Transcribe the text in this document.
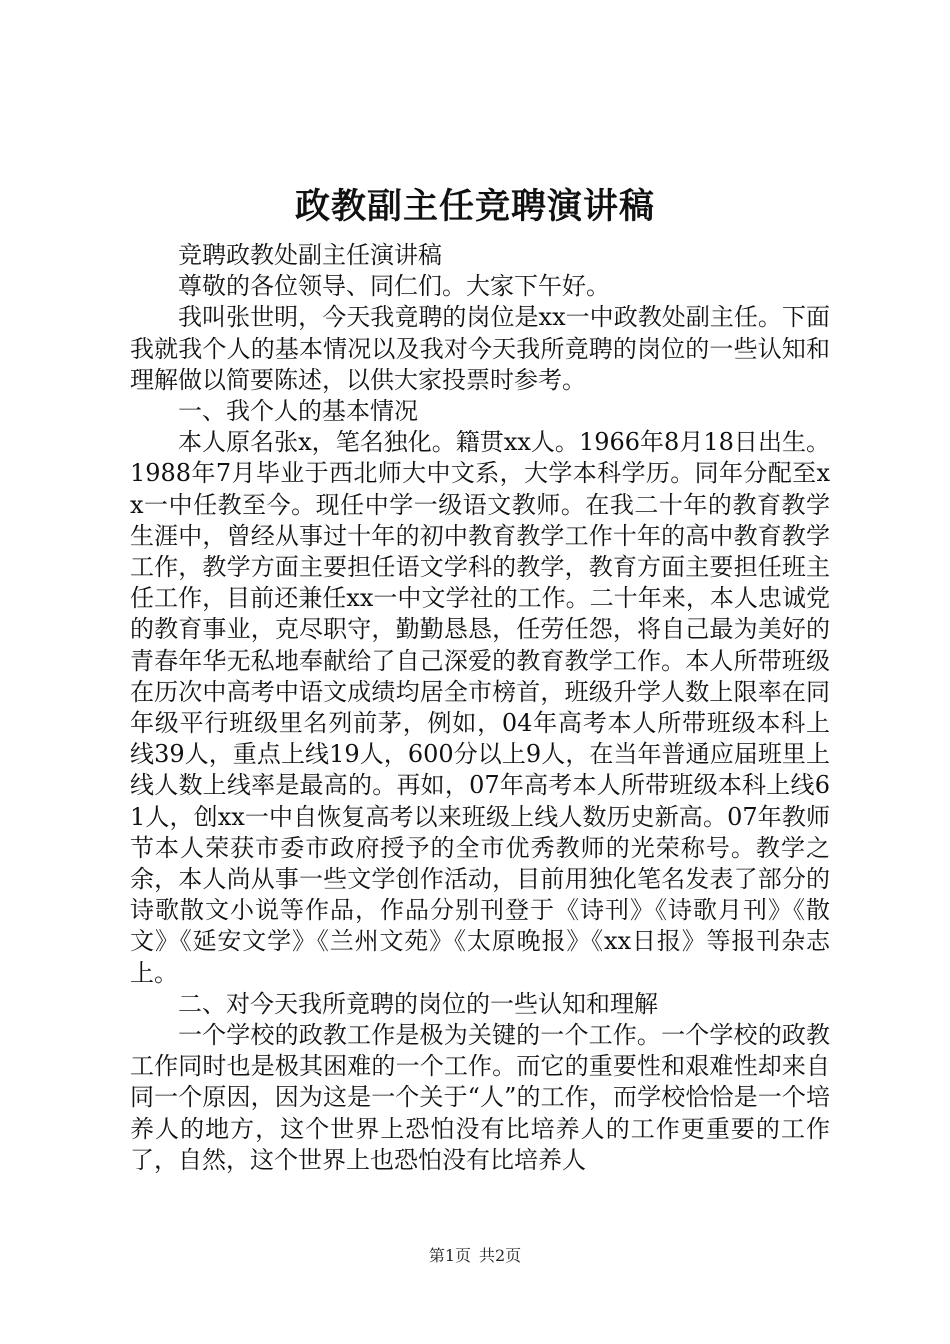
政教副主任竞聘演讲稿

竞聘政教处副主任演讲稿

尊敬的各位领导、同仁们。大家下午好。

我叫张世明，今天我竟聘的岗位是xx一中政教处副主任。下面我就我个人的基本情况以及我对今天我所竟聘的岗位的一些认知和理解做以简要陈述，以供大家投票时参考。

一、我个人的基本情况

本人原名张x，笔名独化。籍贯xx人。1966年8月18日出生。1988年7月毕业于西北师大中文系，大学本科学历。同年分配至xx一中任教至今。现任中学一级语文教师。在我二十年的教育教学生涯中，曾经从事过十年的初中教育教学工作十年的高中教育教学工作，教学方面主要担任语文学科的教学，教育方面主要担任班主任工作，目前还兼任xx一中文学社的工作。二十年来，本人忠诚党的教育事业，克尽职守，勤勤恳恳，任劳任怨，将自己最为美好的青春年华无私地奉献给了自己深爱的教育教学工作。本人所带班级在历次中高考中语文成绩均居全市榜首，班级升学人数上限率在同年级平行班级里名列前茅，例如，04年高考本人所带班级本科上线39人，重点上线19人，600分以上9人，在当年普通应届班里上线人数上线率是最高的。再如，07年高考本人所带班级本科上线61人，创xx一中自恢复高考以来班级上线人数历史新高。07年教师节本人荣获市委市政府授予的全市优秀教师的光荣称号。教学之余，本人尚从事一些文学创作活动，目前用独化笔名发表了部分的诗歌散文小说等作品，作品分别刊登于《诗刊》《诗歌月刊》《散文》《延安文学》《兰州文苑》《太原晚报》《xx日报》等报刊杂志上。

二、对今天我所竟聘的岗位的一些认知和理解

一个学校的政教工作是极为关键的一个工作。一个学校的政教工作同时也是极其困难的一个工作。而它的重要性和艰难性却来自同一个原因，因为这是一个关于“人”的工作，而学校恰恰是一个培养人的地方，这个世界上恐怕没有比培养人的工作更重要的工作了，自然，这个世界上也恐怕没有比培养人

第1页 共2页
